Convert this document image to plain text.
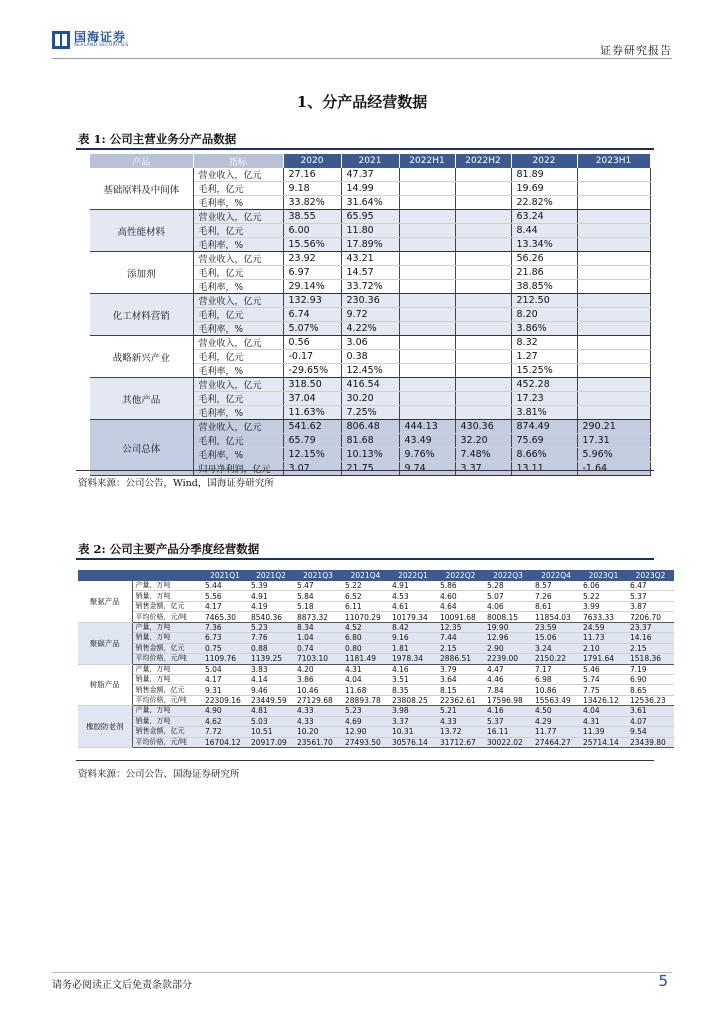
国海证券
SEALAND SECURITIES	证券研究报告
1、分产品经营数据
表 1: 公司主营业务分产品数据
产品	指标	2020	2021	2022H1	2022H2	2022	2023H1
基础原料及中间体	营业收入，亿元	27.16	47.37			81.89	
	毛利，亿元	9.18	14.99			19.69	
	毛利率，%	33.82%	31.64%			22.82%	
高性能材料	营业收入，亿元	38.55	65.95			63.24	
	毛利，亿元	6.00	11.80			8.44	
	毛利率，%	15.56%	17.89%			13.34%	
添加剂	营业收入，亿元	23.92	43.21			56.26	
	毛利，亿元	6.97	14.57			21.86	
	毛利率，%	29.14%	33.72%			38.85%	
化工材料营销	营业收入，亿元	132.93	230.36			212.50	
	毛利，亿元	6.74	9.72			8.20	
	毛利率，%	5.07%	4.22%			3.86%	
战略新兴产业	营业收入，亿元	0.56	3.06			8.32	
	毛利，亿元	-0.17	0.38			1.27	
	毛利率，%	-29.65%	12.45%			15.25%	
其他产品	营业收入，亿元	318.50	416.54			452.28	
	毛利，亿元	37.04	30.20			17.23	
	毛利率，%	11.63%	7.25%			3.81%	
公司总体	营业收入，亿元	541.62	806.48	444.13	430.36	874.49	290.21
	毛利，亿元	65.79	81.68	43.49	32.20	75.69	17.31
	毛利率，%	12.15%	10.13%	9.76%	7.48%	8.66%	5.96%
	归母净利润，亿元	3.07	21.75	9.74	3.37	13.11	-1.64
资料来源：公司公告，Wind，国海证券研究所
表 2: 公司主要产品分季度经营数据
		2021Q1	2021Q2	2021Q3	2021Q4	2022Q1	2022Q2	2022Q3	2022Q4	2023Q1	2023Q2
聚氨产品	产量，万吨	5.44	5.39	5.47	5.22	4.91	5.86	5.28	8.57	6.06	6.47
	销量，万吨	5.56	4.91	5.84	6.52	4.53	4.60	5.07	7.26	5.22	5.37
	销售金额，亿元	4.17	4.19	5.18	6.11	4.61	4.64	4.06	8.61	3.99	3.87
	平均价格，元/吨	7465.30	8540.36	8873.32	11070.29	10179.34	10091.68	8008.15	11854.03	7633.33	7206.70
聚碳产品	产量，万吨	7.36	5.23	8.34	4.52	8.42	12.35	19.90	23.59	24.59	23.37
	销量，万吨	6.73	7.76	1.04	6.80	9.16	7.44	12.96	15.06	11.73	14.16
	销售金额，亿元	0.75	0.88	0.74	0.80	1.81	2.15	2.90	3.24	2.10	2.15
	平均价格，元/吨	1109.76	1139.25	7103.10	1181.49	1978.34	2886.51	2239.00	2150.22	1791.64	1518.36
树脂产品	产量，万吨	5.04	3.83	4.20	4.31	4.16	3.79	4.47	7.17	5.46	7.19
	销量，万吨	4.17	4.14	3.86	4.04	3.51	3.64	4.46	6.98	5.74	6.90
	销售金额，亿元	9.31	9.46	10.46	11.68	8.35	8.15	7.84	10.86	7.75	8.65
	平均价格，元/吨	22309.16	23449.59	27129.68	28893.78	23808.25	22362.61	17596.98	15563.49	13426.12	12536.23
橡胶防老剂	产量，万吨	4.90	4.81	4.33	5.23	3.98	5.21	4.16	4.50	4.04	3.61
	销量，万吨	4.62	5.03	4.33	4.69	3.37	4.33	5.37	4.29	4.31	4.07
	销售金额，亿元	7.72	10.51	10.20	12.90	10.31	13.72	16.11	11.77	11.39	9.54
	平均价格，元/吨	16704.12	20917.09	23561.70	27493.50	30576.14	31712.67	30022.02	27464.27	25714.14	23439.80
资料来源：公司公告、国海证券研究所
请务必阅读正文后免责条款部分	5
